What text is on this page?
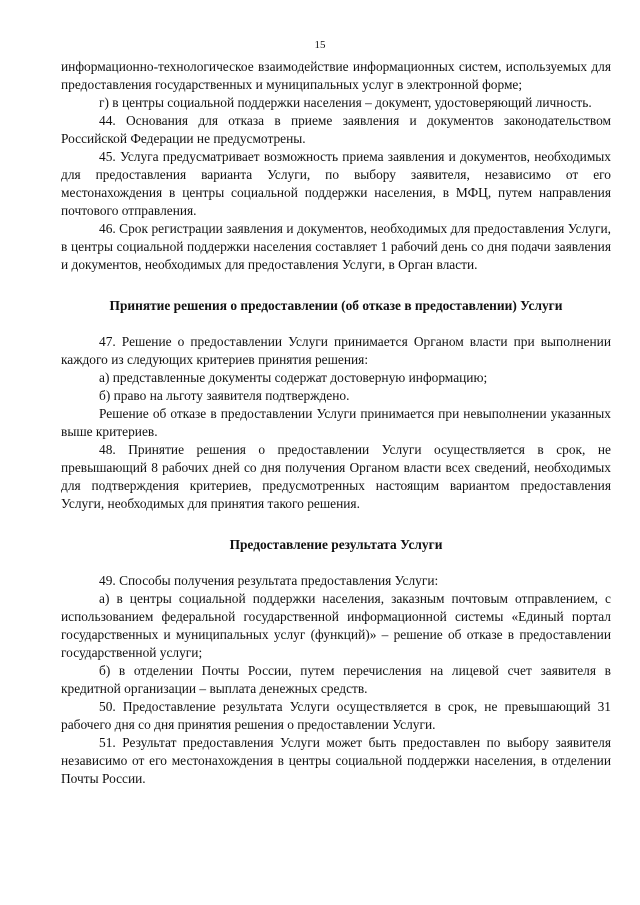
15

информационно-технологическое взаимодействие информационных систем, используемых для предоставления государственных и муниципальных услуг в электронной форме;

г) в центры социальной поддержки населения – документ, удостоверяющий личность.

44. Основания для отказа в приеме заявления и документов законодательством Российской Федерации не предусмотрены.

45. Услуга предусматривает возможность приема заявления и документов, необходимых для предоставления варианта Услуги, по выбору заявителя, независимо от его местонахождения в центры социальной поддержки населения, в МФЦ, путем направления почтового отправления.

46. Срок регистрации заявления и документов, необходимых для предоставления Услуги, в центры социальной поддержки населения составляет 1 рабочий день со дня подачи заявления и документов, необходимых для предоставления Услуги, в Орган власти.

Принятие решения о предоставлении (об отказе в предоставлении) Услуги

47. Решение о предоставлении Услуги принимается Органом власти при выполнении каждого из следующих критериев принятия решения:

а) представленные документы содержат достоверную информацию;

б) право на льготу заявителя подтверждено.

Решение об отказе в предоставлении Услуги принимается при невыполнении указанных выше критериев.

48. Принятие решения о предоставлении Услуги осуществляется в срок, не превышающий 8 рабочих дней со дня получения Органом власти всех сведений, необходимых для подтверждения критериев, предусмотренных настоящим вариантом предоставления Услуги, необходимых для принятия такого решения.

Предоставление результата Услуги

49. Способы получения результата предоставления Услуги:

а) в центры социальной поддержки населения, заказным почтовым отправлением, с использованием федеральной государственной информационной системы «Единый портал государственных и муниципальных услуг (функций)» – решение об отказе в предоставлении государственной услуги;

б) в отделении Почты России, путем перечисления на лицевой счет заявителя в кредитной организации – выплата денежных средств.

50. Предоставление результата Услуги осуществляется в срок, не превышающий 31 рабочего дня со дня принятия решения о предоставлении Услуги.

51. Результат предоставления Услуги может быть предоставлен по выбору заявителя независимо от его местонахождения в центры социальной поддержки населения, в отделении Почты России.
